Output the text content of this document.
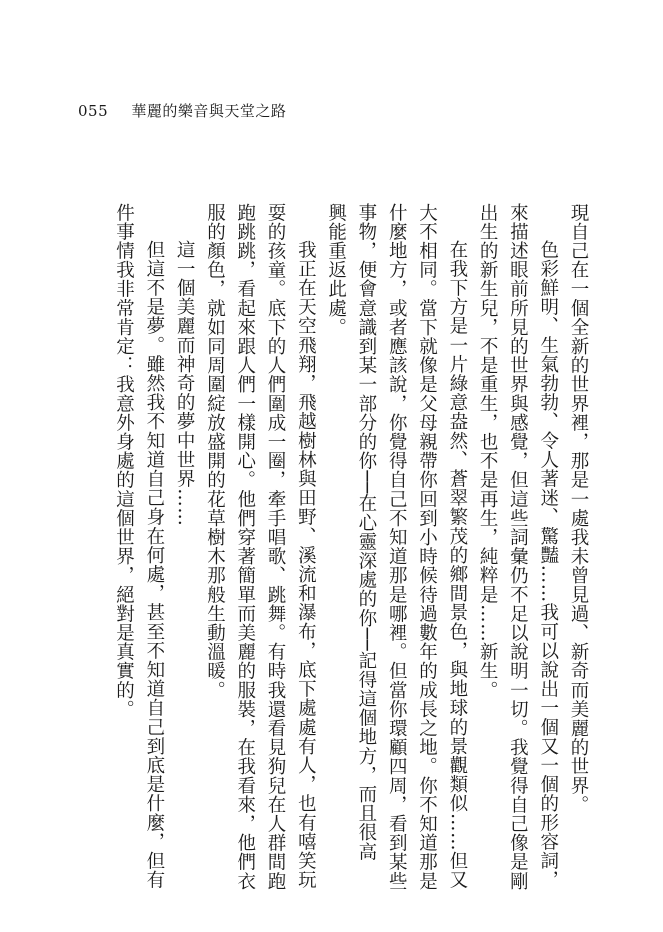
055 華麗的樂音與天堂之路
現自己在一個全新的世界裡，那是一處我未曾見過、新奇而美麗的世界。
色彩鮮明、生氣勃勃、令人著迷、驚豔……我可以說出一個又一個的形容詞，
來描述眼前所見的世界與感覺，但這些詞彙仍不足以說明一切。我覺得自己像是剛
出生的新生兒，不是重生，也不是再生，純粹是……新生。
在我下方是一片綠意盎然、蒼翠繁茂的鄉間景色，與地球的景觀類似……但又
大不相同。當下就像是父母親帶你回到小時候待過數年的成長之地。你不知道那是
什麼地方，或者應該說，你覺得自己不知道那是哪裡。但當你環顧四周，看到某些
事物，便會意識到某一部分的你──在心靈深處的你──記得這個地方，而且很高
興能重返此處。
我正在天空飛翔，飛越樹林與田野、溪流和瀑布，底下處處有人，也有嘻笑玩
耍的孩童。底下的人們圍成一圈，牽手唱歌、跳舞。有時我還看見狗兒在人群間跑
跑跳跳，看起來跟人們一樣開心。他們穿著簡單而美麗的服裝，在我看來，他們衣
服的顏色，就如同周圍綻放盛開的花草樹木那般生動溫暖。
這一個美麗而神奇的夢中世界……
但這不是夢。雖然我不知道自己身在何處，甚至不知道自己到底是什麼，但有
件事情我非常肯定：我意外身處的這個世界，絕對是真實的。
